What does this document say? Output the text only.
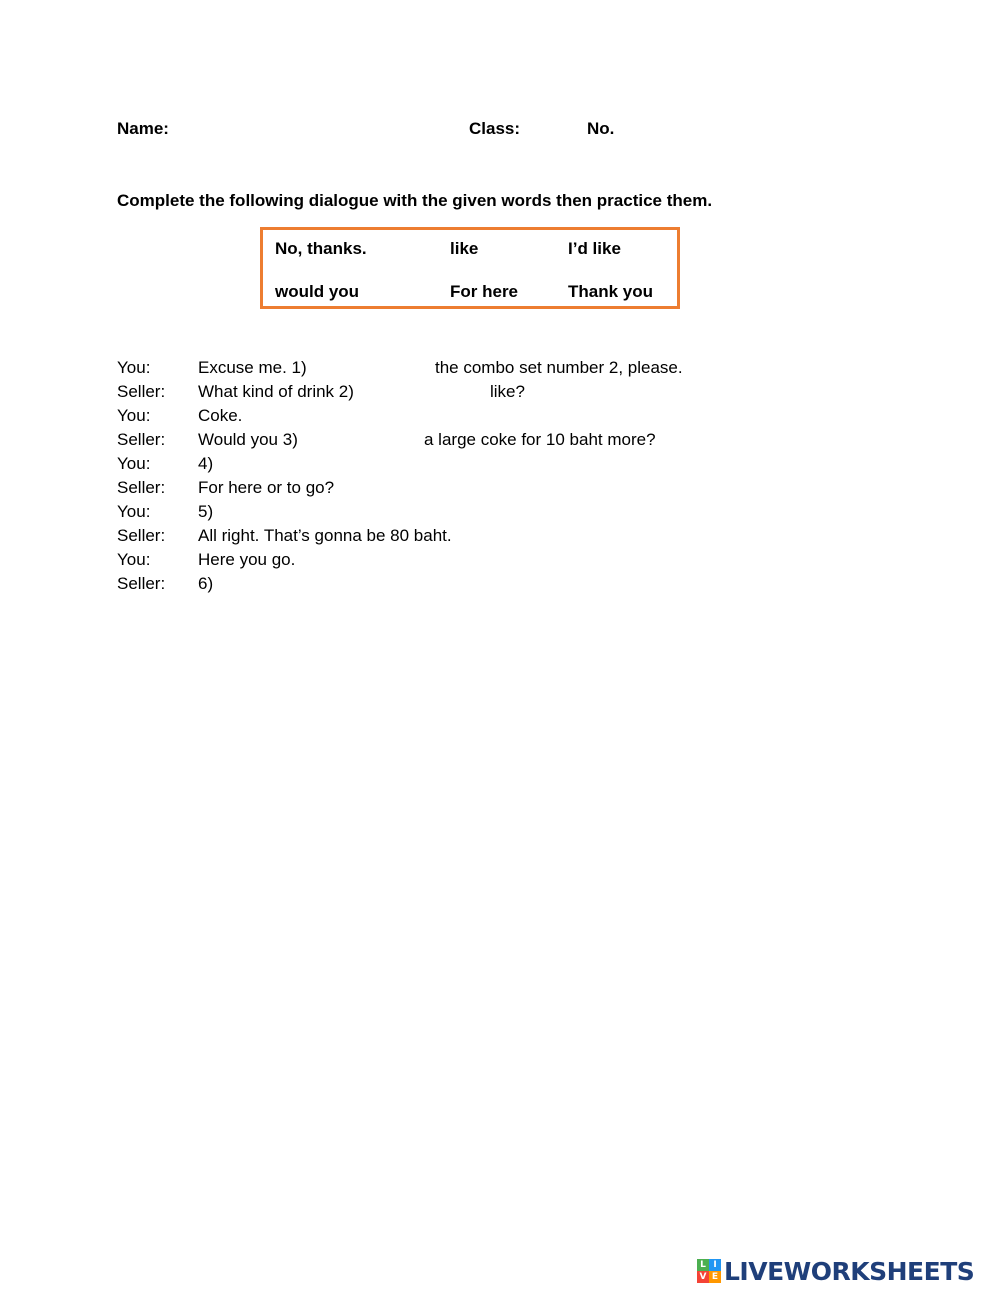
Name:	Class:	No.
Complete the following dialogue with the given words then practice them.
No, thanks.	like	I’d like
would you	For here	Thank you
You:	Excuse me. 1)	the combo set number 2, please.
Seller: What kind of drink 2)	like?
You:	Coke.
Seller: Would you 3)	a large coke for 10 baht more?
You:	4)
Seller: For here or to go?
You:	5)
Seller: All right. That’s gonna be 80 baht.
You:	Here you go.
Seller: 6)
L I
V E LIVEWORKSHEETS
